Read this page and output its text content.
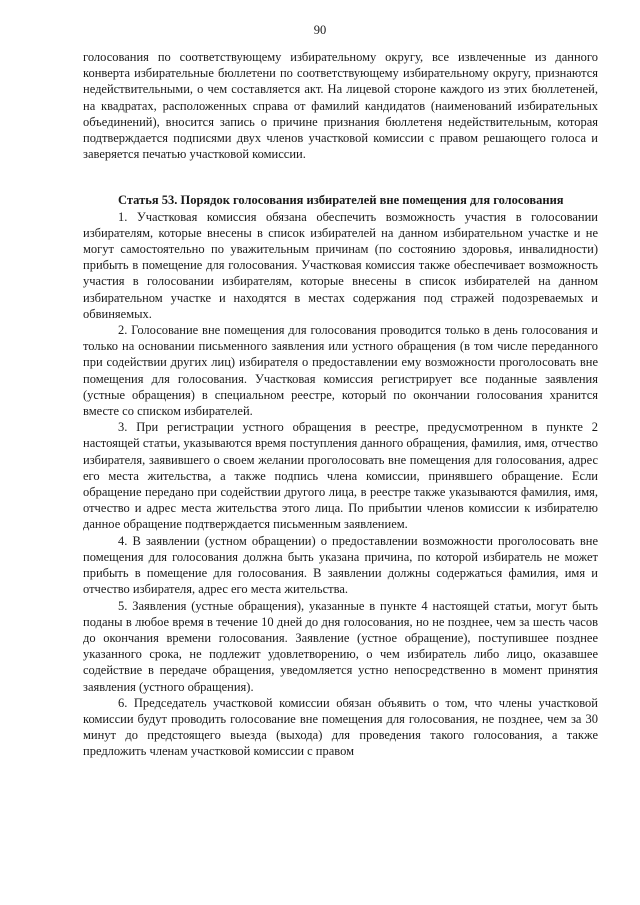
90

голосования по соответствующему избирательному округу, все извлеченные из данного конверта избирательные бюллетени по соответствующему избирательному округу, признаются недействительными, о чем составляется акт. На лицевой стороне каждого из этих бюллетеней, на квадратах, расположенных справа от фамилий кандидатов (наименований избирательных объединений), вносится запись о причине признания бюллетеня недействительным, которая подтверждается подписями двух членов участковой комиссии с правом решающего голоса и заверяется печатью участковой комиссии.

Статья 53. Порядок голосования избирателей вне помещения для голосования

1. Участковая комиссия обязана обеспечить возможность участия в голосовании избирателям, которые внесены в список избирателей на данном избирательном участке и не могут самостоятельно по уважительным причинам (по состоянию здоровья, инвалидности) прибыть в помещение для голосования. Участковая комиссия также обеспечивает возможность участия в голосовании избирателям, которые внесены в список избирателей на данном избирательном участке и находятся в местах содержания под стражей подозреваемых и обвиняемых.

2. Голосование вне помещения для голосования проводится только в день голосования и только на основании письменного заявления или устного обращения (в том числе переданного при содействии других лиц) избирателя о предоставлении ему возможности проголосовать вне помещения для голосования. Участковая комиссия регистрирует все поданные заявления (устные обращения) в специальном реестре, который по окончании голосования хранится вместе со списком избирателей.

3. При регистрации устного обращения в реестре, предусмотренном в пункте 2 настоящей статьи, указываются время поступления данного обращения, фамилия, имя, отчество избирателя, заявившего о своем желании проголосовать вне помещения для голосования, адрес его места жительства, а также подпись члена комиссии, принявшего обращение. Если обращение передано при содействии другого лица, в реестре также указываются фамилия, имя, отчество и адрес места жительства этого лица. По прибытии членов комиссии к избирателю данное обращение подтверждается письменным заявлением.

4. В заявлении (устном обращении) о предоставлении возможности проголосовать вне помещения для голосования должна быть указана причина, по которой избиратель не может прибыть в помещение для голосования. В заявлении должны содержаться фамилия, имя и отчество избирателя, адрес его места жительства.

5. Заявления (устные обращения), указанные в пункте 4 настоящей статьи, могут быть поданы в любое время в течение 10 дней до дня голосования, но не позднее, чем за шесть часов до окончания времени голосования. Заявление (устное обращение), поступившее позднее указанного срока, не подлежит удовлетворению, о чем избиратель либо лицо, оказавшее содействие в передаче обращения, уведомляется устно непосредственно в момент принятия заявления (устного обращения).

6. Председатель участковой комиссии обязан объявить о том, что члены участковой комиссии будут проводить голосование вне помещения для голосования, не позднее, чем за 30 минут до предстоящего выезда (выхода) для проведения такого голосования, а также предложить членам участковой комиссии с правом
